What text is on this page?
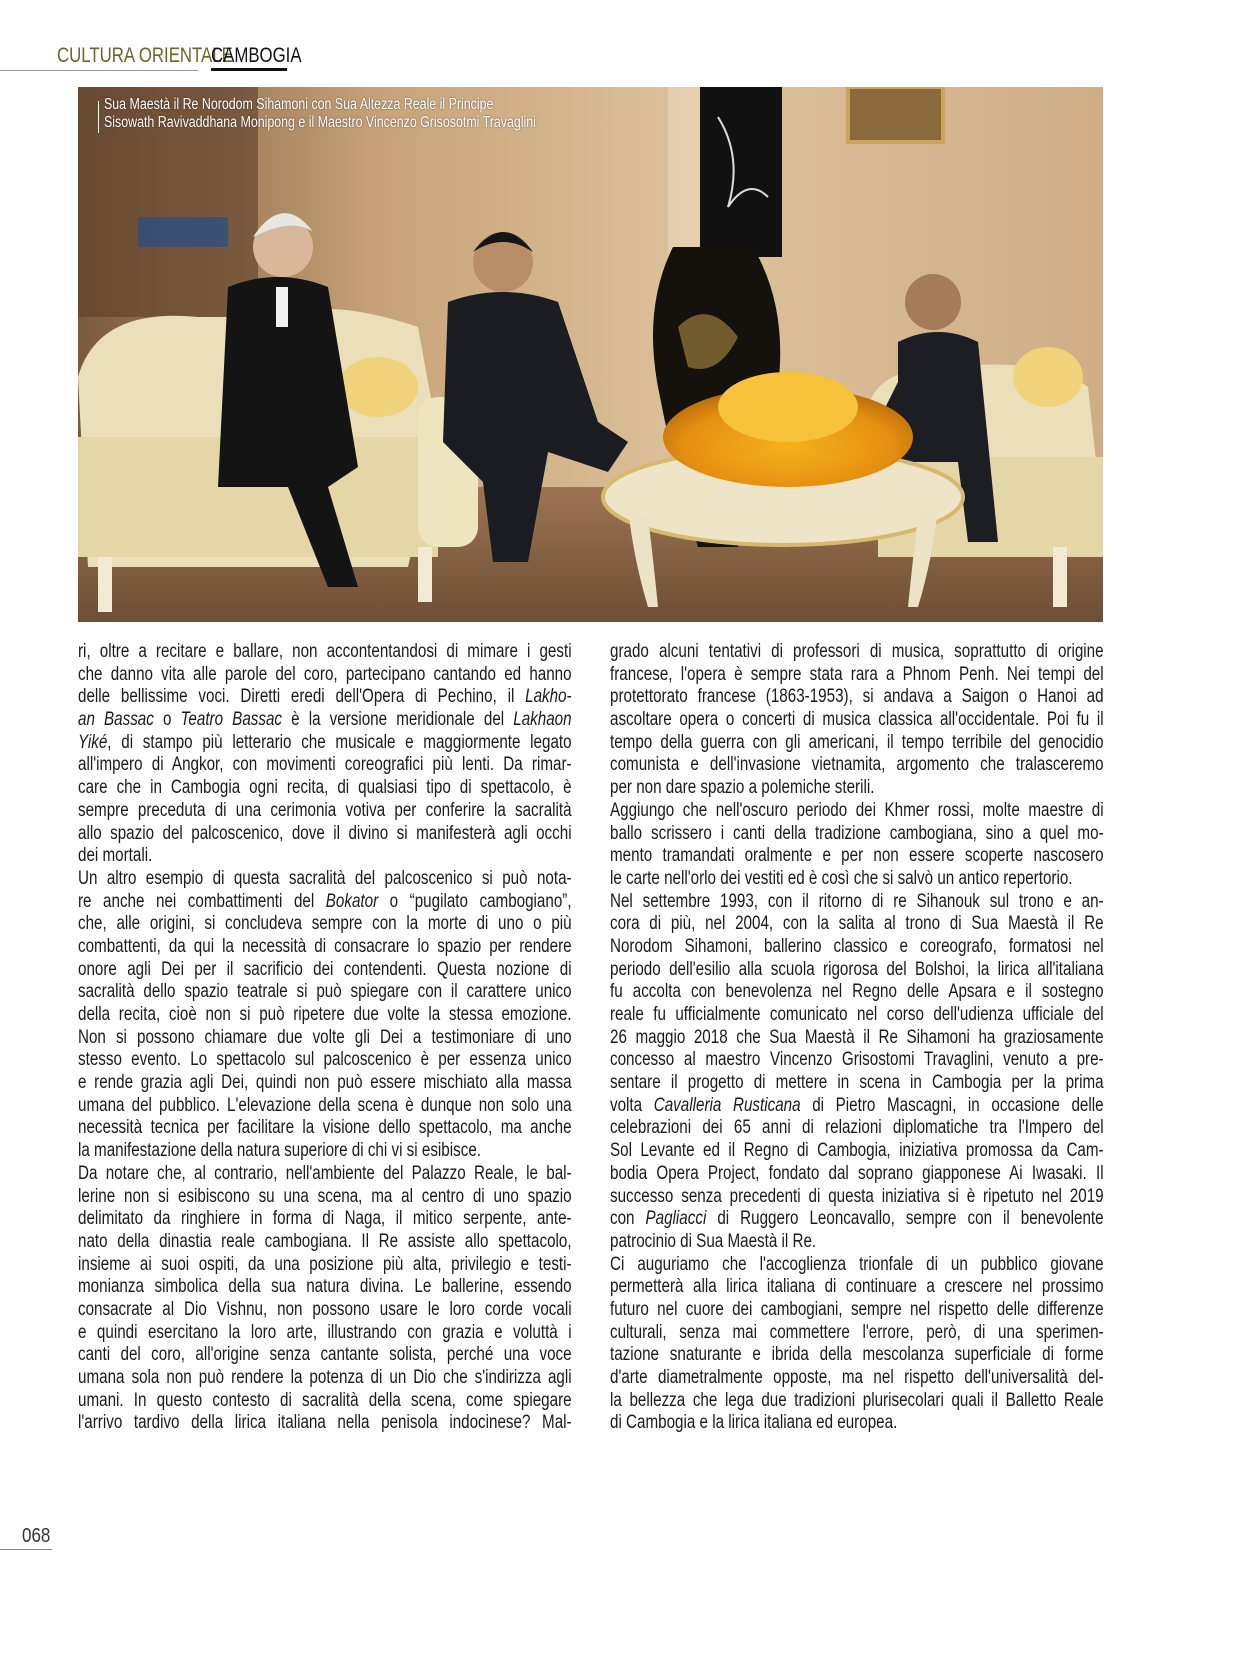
CULTURA ORIENTALE
CAMBOGIA
Sua Maestà il Re Norodom Sihamoni con Sua Altezza Reale il Principe
Sisowath Ravivaddhana Monipong e il Maestro Vincenzo Grisosotmi Travaglini
ri, oltre a recitare e ballare, non accontentandosi di mimare i gesti
che danno vita alle parole del coro, partecipano cantando ed hanno
delle bellissime voci. Diretti eredi dell'Opera di Pechino, il Lakho-
an Bassac o Teatro Bassac è la versione meridionale del Lakhaon
Yiké, di stampo più letterario che musicale e maggiormente legato
all'impero di Angkor, con movimenti coreografici più lenti. Da rimar-
care che in Cambogia ogni recita, di qualsiasi tipo di spettacolo, è
sempre preceduta di una cerimonia votiva per conferire la sacralità
allo spazio del palcoscenico, dove il divino si manifesterà agli occhi
dei mortali.
Un altro esempio di questa sacralità del palcoscenico si può nota-
re anche nei combattimenti del Bokator o “pugilato cambogiano”,
che, alle origini, si concludeva sempre con la morte di uno o più
combattenti, da qui la necessità di consacrare lo spazio per rendere
onore agli Dei per il sacrificio dei contendenti. Questa nozione di
sacralità dello spazio teatrale si può spiegare con il carattere unico
della recita, cioè non si può ripetere due volte la stessa emozione.
Non si possono chiamare due volte gli Dei a testimoniare di uno
stesso evento. Lo spettacolo sul palcoscenico è per essenza unico
e rende grazia agli Dei, quindi non può essere mischiato alla massa
umana del pubblico. L'elevazione della scena è dunque non solo una
necessità tecnica per facilitare la visione dello spettacolo, ma anche
la manifestazione della natura superiore di chi vi si esibisce.
Da notare che, al contrario, nell'ambiente del Palazzo Reale, le bal-
lerine non si esibiscono su una scena, ma al centro di uno spazio
delimitato da ringhiere in forma di Naga, il mitico serpente, ante-
nato della dinastia reale cambogiana. Il Re assiste allo spettacolo,
insieme ai suoi ospiti, da una posizione più alta, privilegio e testi-
monianza simbolica della sua natura divina. Le ballerine, essendo
consacrate al Dio Vishnu, non possono usare le loro corde vocali
e quindi esercitano la loro arte, illustrando con grazia e voluttà i
canti del coro, all'origine senza cantante solista, perché una voce
umana sola non può rendere la potenza di un Dio che s'indirizza agli
umani. In questo contesto di sacralità della scena, come spiegare
l'arrivo tardivo della lirica italiana nella penisola indocinese? Mal-
grado alcuni tentativi di professori di musica, soprattutto di origine
francese, l'opera è sempre stata rara a Phnom Penh. Nei tempi del
protettorato francese (1863-1953), si andava a Saigon o Hanoi ad
ascoltare opera o concerti di musica classica all'occidentale. Poi fu il
tempo della guerra con gli americani, il tempo terribile del genocidio
comunista e dell'invasione vietnamita, argomento che tralasceremo
per non dare spazio a polemiche sterili.
Aggiungo che nell'oscuro periodo dei Khmer rossi, molte maestre di
ballo scrissero i canti della tradizione cambogiana, sino a quel mo-
mento tramandati oralmente e per non essere scoperte nascosero
le carte nell'orlo dei vestiti ed è così che si salvò un antico repertorio.
Nel settembre 1993, con il ritorno di re Sihanouk sul trono e an-
cora di più, nel 2004, con la salita al trono di Sua Maestà il Re
Norodom Sihamoni, ballerino classico e coreografo, formatosi nel
periodo dell'esilio alla scuola rigorosa del Bolshoi, la lirica all'italiana
fu accolta con benevolenza nel Regno delle Apsara e il sostegno
reale fu ufficialmente comunicato nel corso dell'udienza ufficiale del
26 maggio 2018 che Sua Maestà il Re Sihamoni ha graziosamente
concesso al maestro Vincenzo Grisostomi Travaglini, venuto a pre-
sentare il progetto di mettere in scena in Cambogia per la prima
volta Cavalleria Rusticana di Pietro Mascagni, in occasione delle
celebrazioni dei 65 anni di relazioni diplomatiche tra l'Impero del
Sol Levante ed il Regno di Cambogia, iniziativa promossa da Cam-
bodia Opera Project, fondato dal soprano giapponese Ai Iwasaki. Il
successo senza precedenti di questa iniziativa si è ripetuto nel 2019
con Pagliacci di Ruggero Leoncavallo, sempre con il benevolente
patrocinio di Sua Maestà il Re.
Ci auguriamo che l'accoglienza trionfale di un pubblico giovane
permetterà alla lirica italiana di continuare a crescere nel prossimo
futuro nel cuore dei cambogiani, sempre nel rispetto delle differenze
culturali, senza mai commettere l'errore, però, di una sperimen-
tazione snaturante e ibrida della mescolanza superficiale di forme
d'arte diametralmente opposte, ma nel rispetto dell'universalità del-
la bellezza che lega due tradizioni plurisecolari quali il Balletto Reale
di Cambogia e la lirica italiana ed europea.
068
